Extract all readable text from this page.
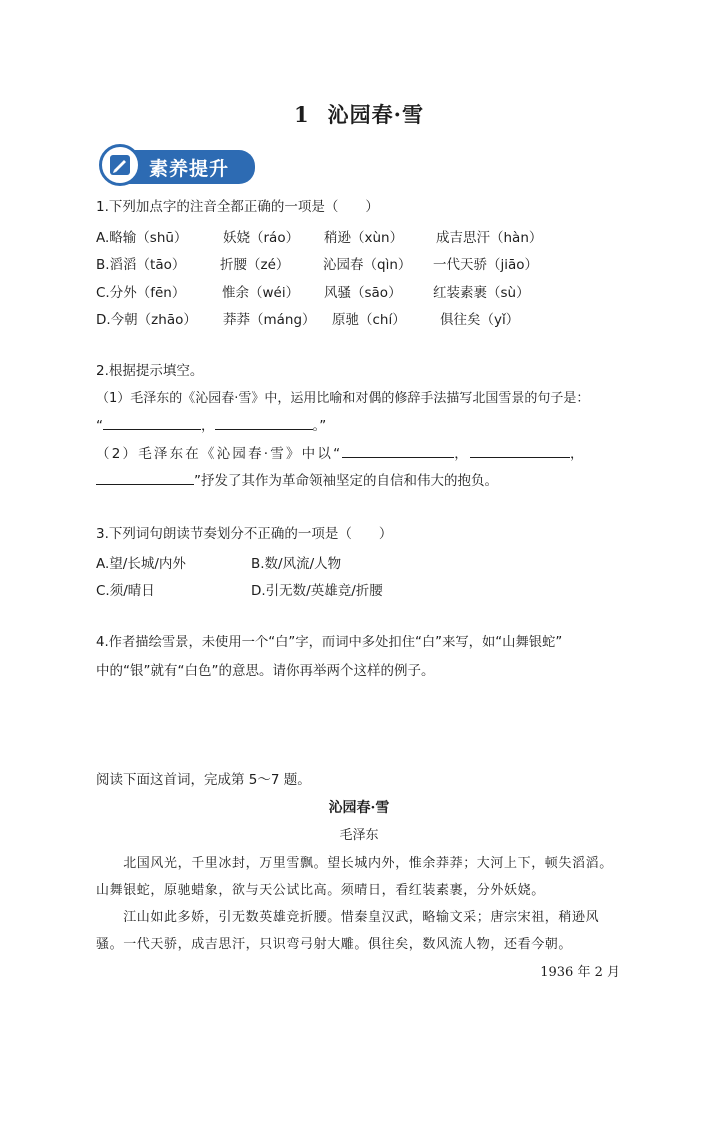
1 沁园春·雪
素养提升
1.下列加点字的注音全都正确的一项是（　　）
A.略输（shū）	妖娆（ráo） 稍逊（xùn） 成吉思汗（hàn）
B.滔滔（tāo）	折腰（zé） 沁园春（qìn） 一代天骄（jiāo）
C.分外（fēn）	惟余（wéi） 风骚（sāo） 红装素裹（sù）
D.今朝（zhāo） 莽莽（máng） 原驰（chí）	俱往矣（yǐ）
2.根据提示填空。
（1）毛泽东的《沁园春·雪》中，运用比喻和对偶的修辞手法描写北国雪景的句子是：
“	，	。”
（2）毛泽东在《沁园春·雪》中以“	，	，
”抒发了其作为革命领袖坚定的自信和伟大的抱负。
3.下列词句朗读节奏划分不正确的一项是（　　）
A.望/长城/内外	B.数/风流/人物
C.须/晴日	D.引无数/英雄竞/折腰
4.作者描绘雪景，未使用一个“白”字，而词中多处扣住“白”来写，如“山舞银蛇”
中的“银”就有“白色”的意思。请你再举两个这样的例子。
阅读下面这首词，完成第 5～7 题。
沁园春·雪
毛泽东
　　北国风光，千里冰封，万里雪飘。望长城内外，惟余莽莽；大河上下，顿失滔滔。
山舞银蛇，原驰蜡象，欲与天公试比高。须晴日，看红装素裹，分外妖娆。
　　江山如此多娇，引无数英雄竞折腰。惜秦皇汉武，略输文采；唐宗宋祖，稍逊风
骚。一代天骄，成吉思汗，只识弯弓射大雕。俱往矣，数风流人物，还看今朝。
1936 年 2 月
